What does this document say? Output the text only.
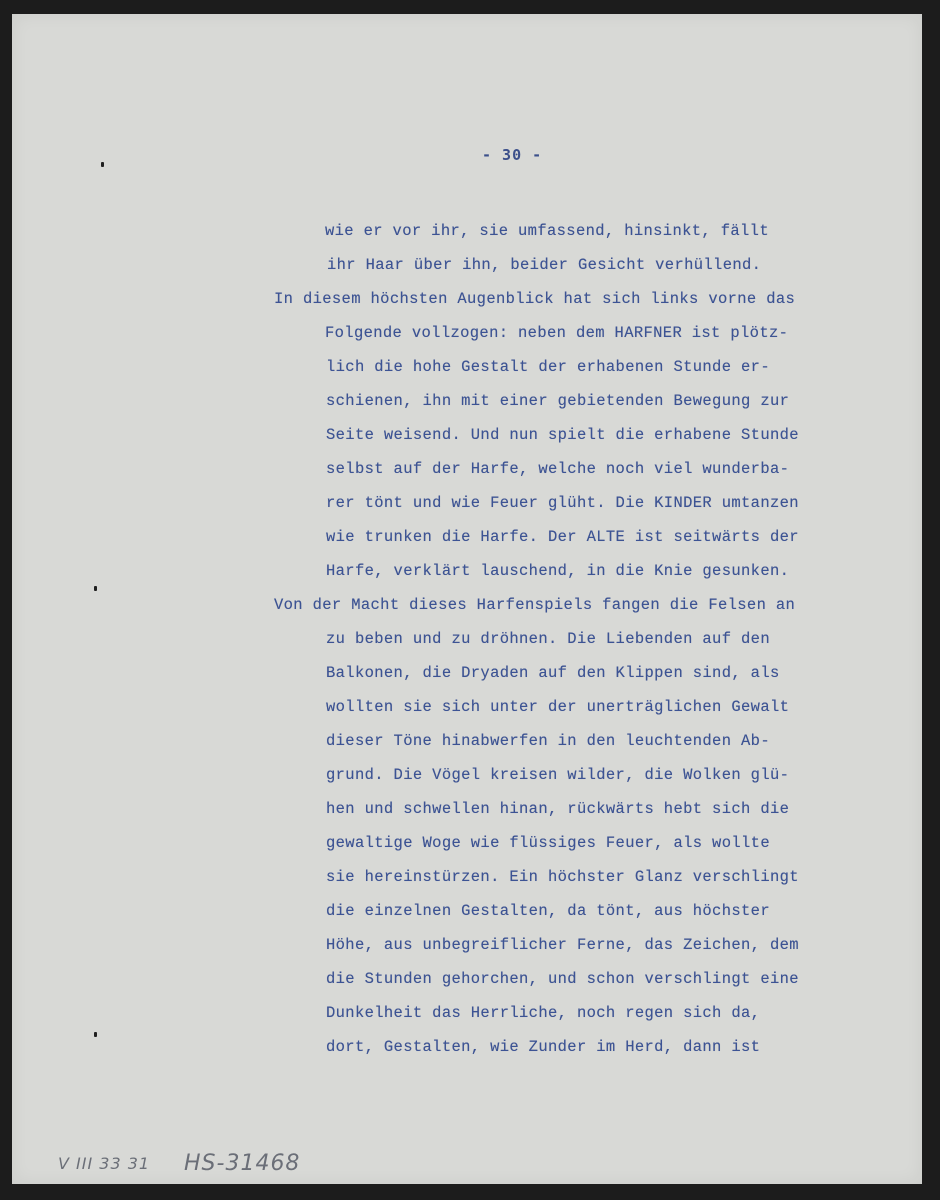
- 30 -
wie er vor ihr, sie umfassend, hinsinkt, fällt
ihr Haar über ihn, beider Gesicht verhüllend.
In diesem höchsten Augenblick hat sich links vorne das
Folgende vollzogen: neben dem HARFNER ist plötz-
lich die hohe Gestalt der erhabenen Stunde er-
schienen, ihn mit einer gebietenden Bewegung zur
Seite weisend. Und nun spielt die erhabene Stunde
selbst auf der Harfe, welche noch viel wunderba-
rer tönt und wie Feuer glüht. Die KINDER umtanzen
wie trunken die Harfe. Der ALTE ist seitwärts der
Harfe, verklärt lauschend, in die Knie gesunken.
Von der Macht dieses Harfenspiels fangen die Felsen an
zu beben und zu dröhnen. Die Liebenden auf den
Balkonen, die Dryaden auf den Klippen sind, als
wollten sie sich unter der unerträglichen Gewalt
dieser Töne hinabwerfen in den leuchtenden Ab-
grund. Die Vögel kreisen wilder, die Wolken glü-
hen und schwellen hinan, rückwärts hebt sich die
gewaltige Woge wie flüssiges Feuer, als wollte
sie hereinstürzen. Ein höchster Glanz verschlingt
die einzelnen Gestalten, da tönt, aus höchster
Höhe, aus unbegreiflicher Ferne, das Zeichen, dem
die Stunden gehorchen, und schon verschlingt eine
Dunkelheit das Herrliche, noch regen sich da,
dort, Gestalten, wie Zunder im Herd, dann ist
V III 33 31 HS-31468
